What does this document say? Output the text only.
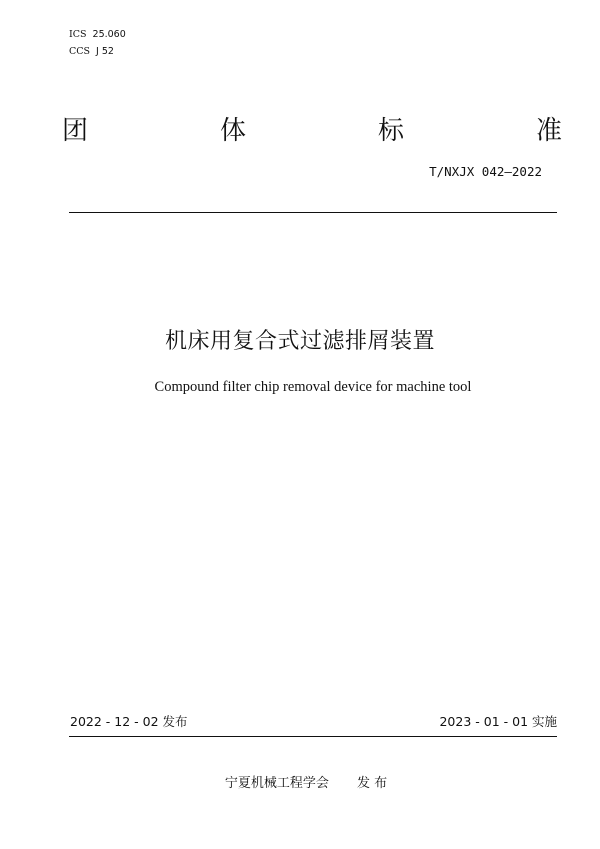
ICS 25.060
CCS J 52
团	体	标	准
T/NXJX 042—2022
机床用复合式过滤排屑装置
Compound filter chip removal device for machine tool
2022 - 12 - 02 发布	2023 - 01 - 01 实施
宁夏机械工程学会 发 布
